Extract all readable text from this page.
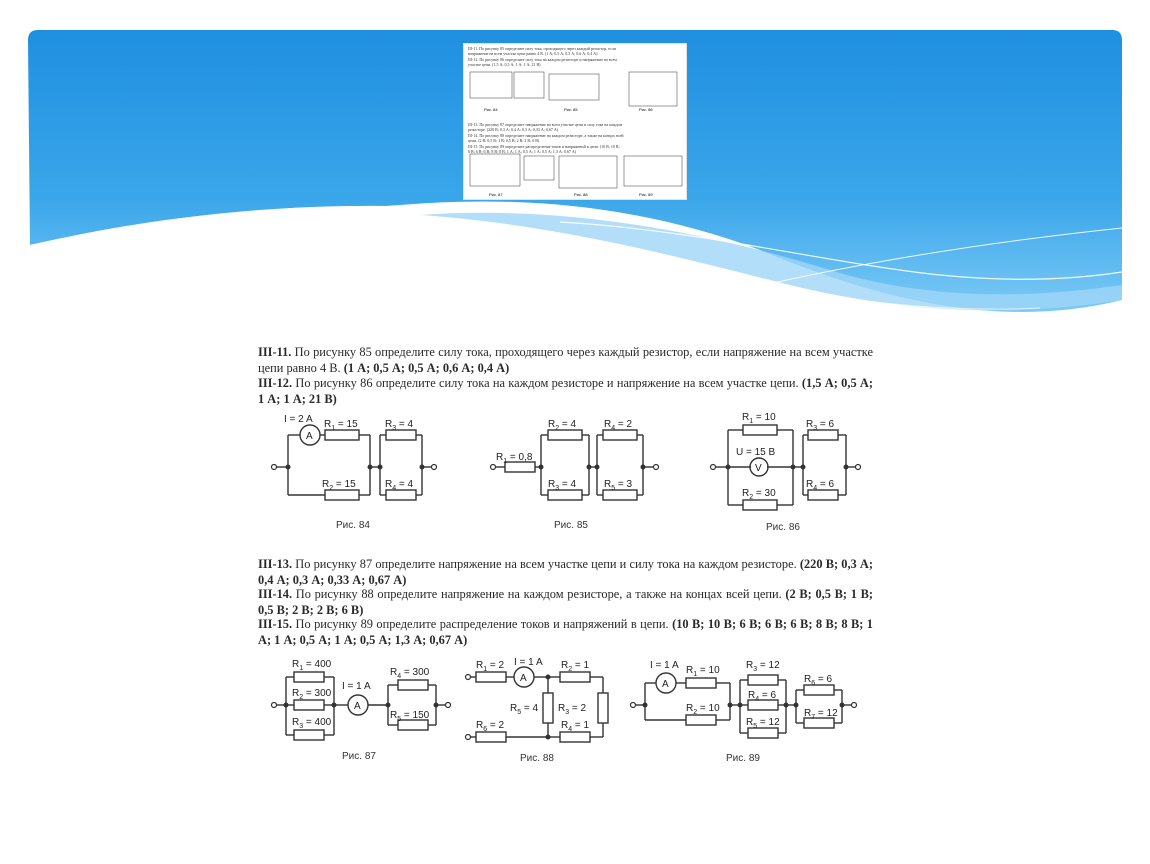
III-11. По рисунку 85 определите силу тока, проходящего через каждый резистор, если
напряжение на всем участке цепи равно 4 В. (1 А; 0,5 А; 0,5 А; 0,6 А; 0,4 А)
III-12. По рисунку 86 определите силу тока на каждом резисторе и напряжение на всем
участке цепи. (1,5 А; 0,5 А; 1 А; 1 А; 21 В)
Рис. 84	Рис. 85	Рис. 86
Рис. 87	Рис. 88	Рис. 89
III-13. По рисунку 87 определите напряжение на всем участке цепи и силу тока на каждом
резисторе. (220 В; 0,3 А; 0,4 А; 0,3 А; 0,33 А; 0,67 А)
III-14. По рисунку 88 определите напряжение на каждом резисторе, а также на концах всей
цепи. (2 В; 0,5 В; 1 В; 0,5 В; 2 В; 2 В; 6 В)
III-15. По рисунку 89 определите распределение токов и напряжений в цепи. (10 В; 10 В;
6 В; 6 В; 6 В; 8 В; 8 В; 1 А; 1 А; 0,5 А; 1 А; 0,5 А; 1,3 А; 0,67 А)
III-11. По рисунку 85 определите силу тока, проходящего через каждый резистор, если напряжение на всем участке цепи равно 4 В. (1 А; 0,5 А; 0,5 А; 0,6 А; 0,4 А)
III-12. По рисунку 86 определите силу тока на каждом резисторе и напряжение на всем участке цепи. (1,5 А; 0,5 А; 1 А; 1 А; 21 В)
I = 2 A
A
$R_1 = 15$
$R_2 = 15$
$R_3 = 4$
$R_4 = 4$
Рис. 84
$R_1 = 0,8$
$R_2 = 4$
$R_3 = 4$
$R_4 = 2$
$R_5 = 3$
Рис. 85
$R_1 = 10$
U = 15 B
V
$R_2 = 30$
$R_3 = 6$
$R_4 = 6$
Рис. 86
III-13. По рисунку 87 определите напряжение на всем участке цепи и силу тока на каждом резисторе. (220 В; 0,3 А; 0,4 А; 0,3 А; 0,33 А; 0,67 А)
III-14. По рисунку 88 определите напряжение на каждом резисторе, а также на концах всей цепи. (2 В; 0,5 В; 1 В; 0,5 В; 2 В; 2 В; 6 В)
III-15. По рисунку 89 определите распределение токов и напряжений в цепи. (10 В; 10 В; 6 В; 6 В; 6 В; 8 В; 8 В; 1 А; 1 А; 0,5 А; 1 А; 0,5 А; 1,3 А; 0,67 А)
$R_1 = 400$
$R_2 = 300$
$R_3 = 400$
I = 1 A
A
$R_4 = 300$
$R_5 = 150$
Рис. 87
$R_1 = 2$ I = 1 A
A
$R_2 = 1$
$R_3 = 2$
$R_4 = 1$
$R_5 = 4$
$R_6 = 2$
Рис. 88
I = 1 A
A
$R_1 = 10$
$R_2 = 10$
$R_3 = 12$
$R_4 = 6$
$R_5 = 12$
$R_6 = 6$
$R_7 = 12$
Рис. 89
